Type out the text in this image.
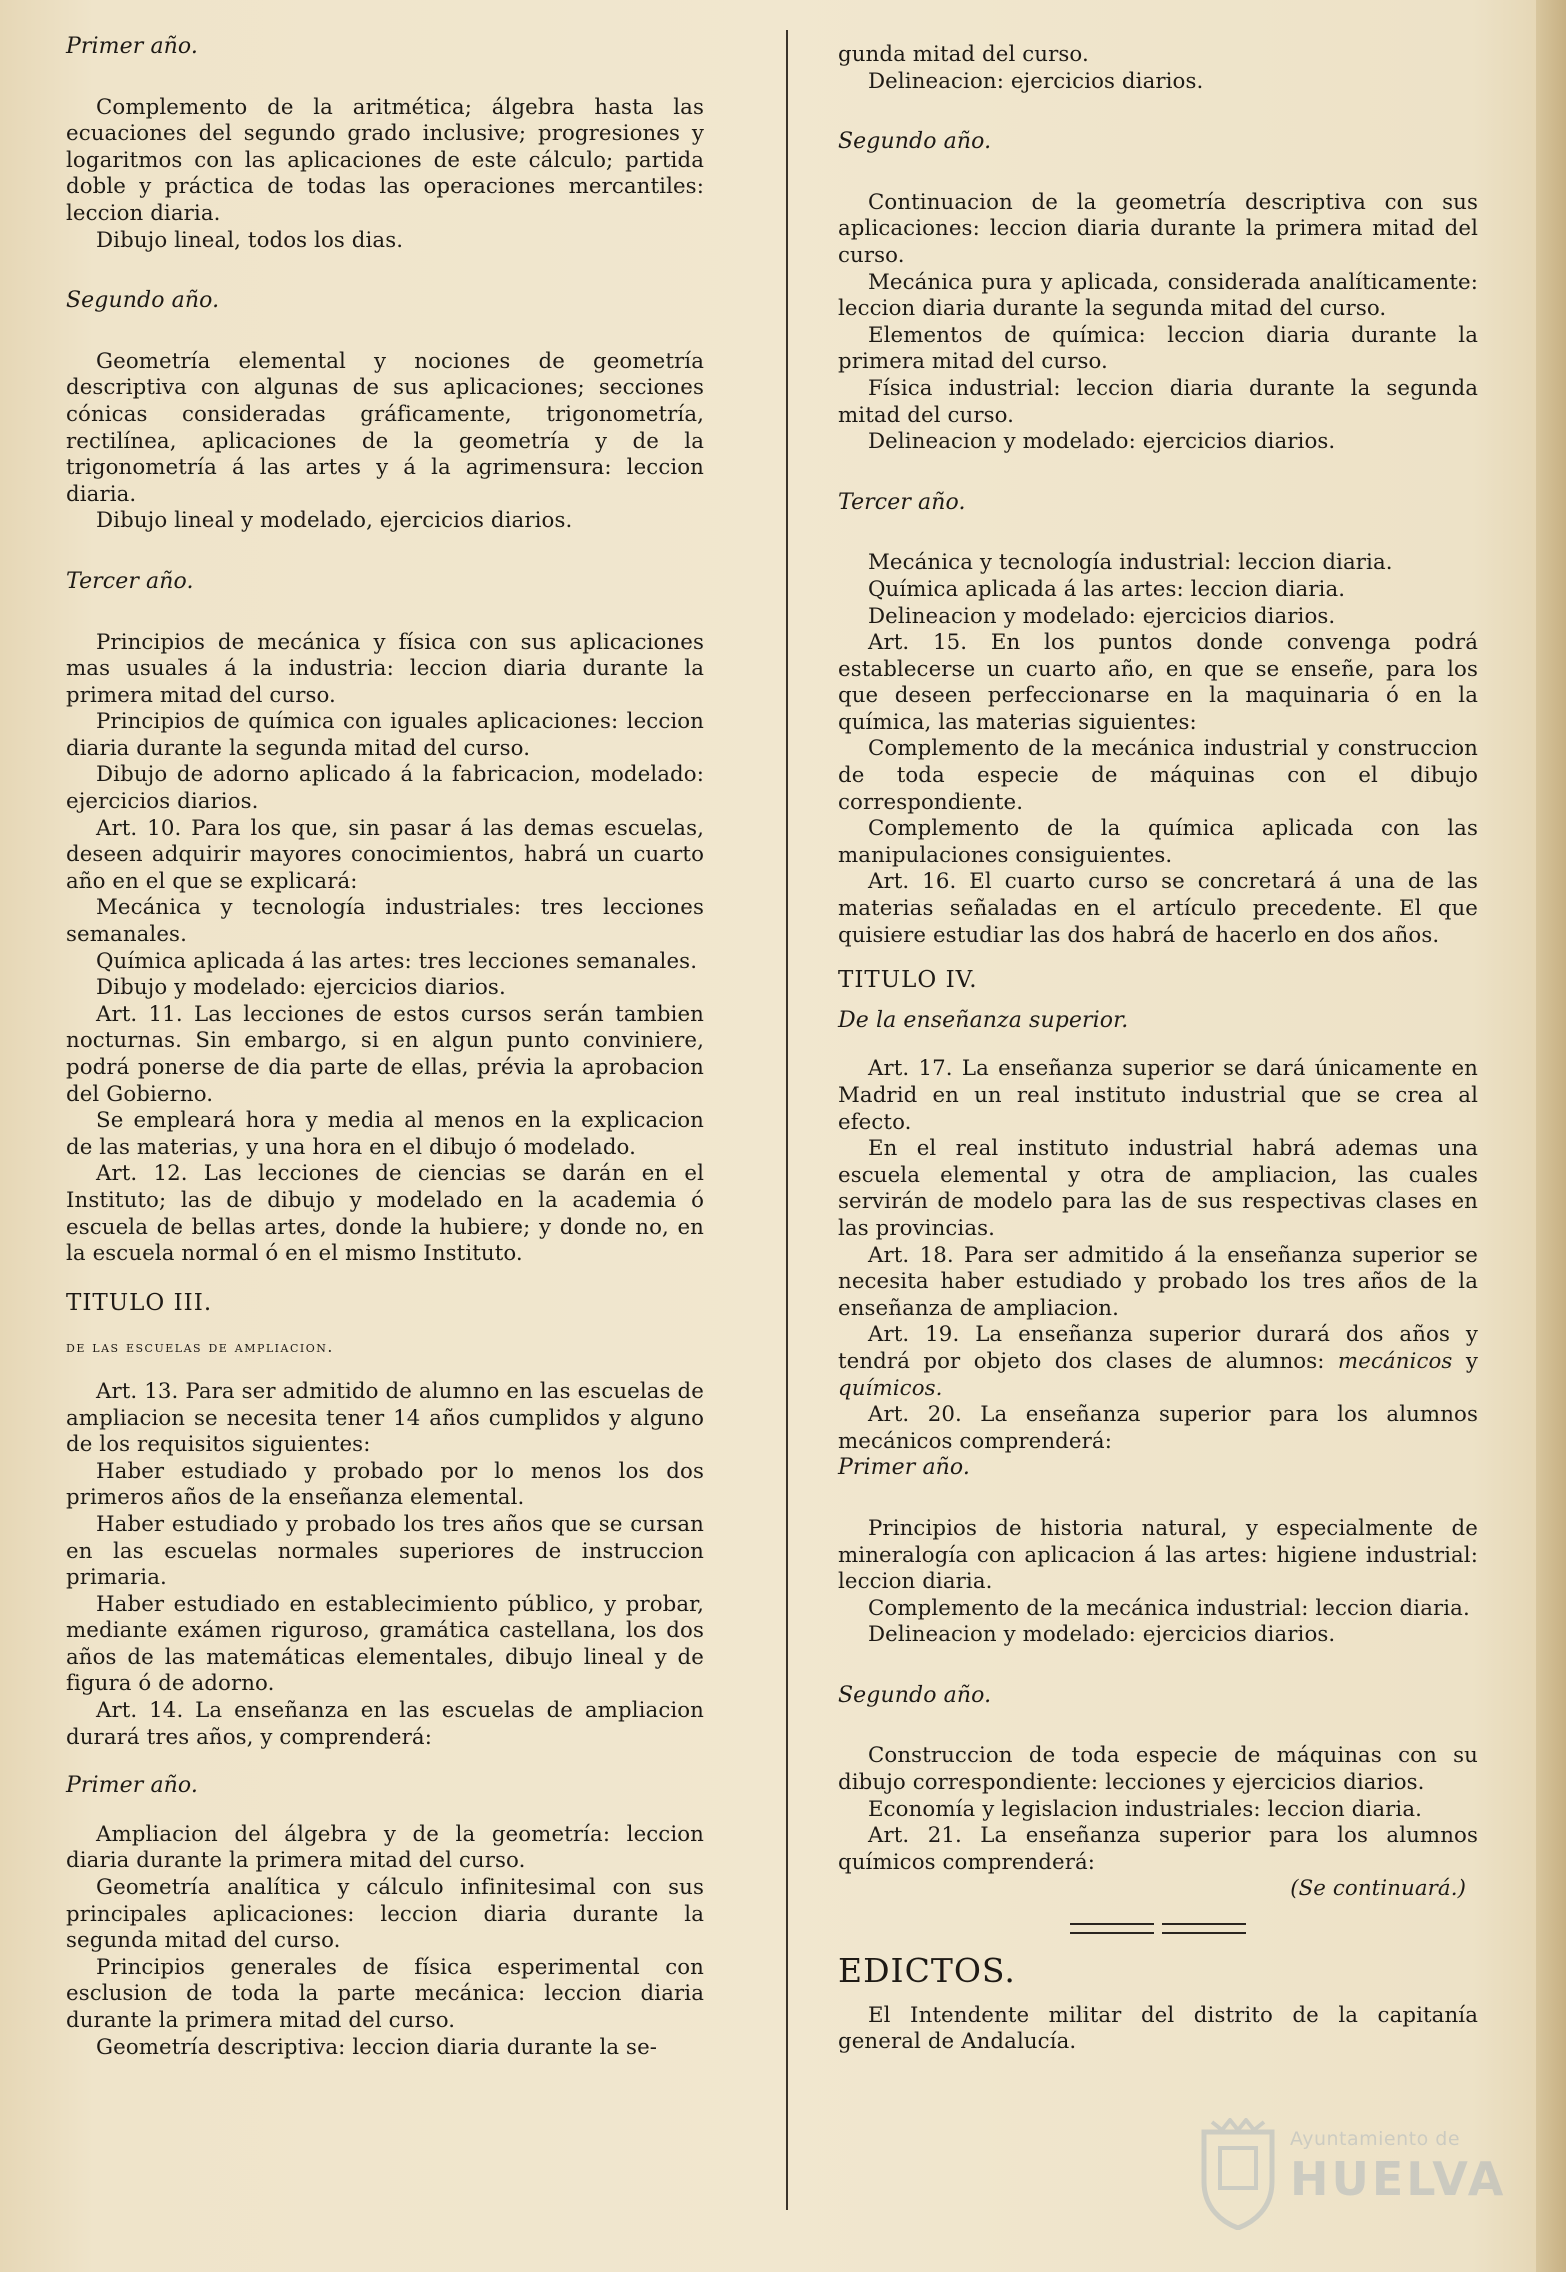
Primer año.

Complemento de la aritmética; álgebra hasta las ecuaciones del segundo grado inclusive; progresiones y logaritmos con las aplicaciones de este cálculo; partida doble y práctica de todas las operaciones mercantiles: leccion diaria.

Dibujo lineal, todos los dias.

Segundo año.

Geometría elemental y nociones de geometría descriptiva con algunas de sus aplicaciones; secciones cónicas consideradas gráficamente, trigonometría, rectilínea, aplicaciones de la geometría y de la trigonometría á las artes y á la agrimensura: leccion diaria.

Dibujo lineal y modelado, ejercicios diarios.

Tercer año.

Principios de mecánica y física con sus aplicaciones mas usuales á la industria: leccion diaria durante la primera mitad del curso.

Principios de química con iguales aplicaciones: leccion diaria durante la segunda mitad del curso.

Dibujo de adorno aplicado á la fabricacion, modelado: ejercicios diarios.

Art. 10. Para los que, sin pasar á las demas escuelas, deseen adquirir mayores conocimientos, habrá un cuarto año en el que se explicará:

Mecánica y tecnología industriales: tres lecciones semanales.

Química aplicada á las artes: tres lecciones semanales.

Dibujo y modelado: ejercicios diarios.

Art. 11. Las lecciones de estos cursos serán tambien nocturnas. Sin embargo, si en algun punto conviniere, podrá ponerse de dia parte de ellas, prévia la aprobacion del Gobierno.

Se empleará hora y media al menos en la explicacion de las materias, y una hora en el dibujo ó modelado.

Art. 12. Las lecciones de ciencias se darán en el Instituto; las de dibujo y modelado en la academia ó escuela de bellas artes, donde la hubiere; y donde no, en la escuela normal ó en el mismo Instituto.

TITULO III.

de las escuelas de ampliacion.

Art. 13. Para ser admitido de alumno en las escuelas de ampliacion se necesita tener 14 años cumplidos y alguno de los requisitos siguientes:

Haber estudiado y probado por lo menos los dos primeros años de la enseñanza elemental.

Haber estudiado y probado los tres años que se cursan en las escuelas normales superiores de instruccion primaria.

Haber estudiado en establecimiento público, y probar, mediante exámen riguroso, gramática castellana, los dos años de las matemáticas elementales, dibujo lineal y de figura ó de adorno.

Art. 14. La enseñanza en las escuelas de ampliacion durará tres años, y comprenderá:

Primer año.

Ampliacion del álgebra y de la geometría: leccion diaria durante la primera mitad del curso.

Geometría analítica y cálculo infinitesimal con sus principales aplicaciones: leccion diaria durante la segunda mitad del curso.

Principios generales de física esperimental con esclusion de toda la parte mecánica: leccion diaria durante la primera mitad del curso.

Geometría descriptiva: leccion diaria durante la se-

gunda mitad del curso.

Delineacion: ejercicios diarios.

Segundo año.

Continuacion de la geometría descriptiva con sus aplicaciones: leccion diaria durante la primera mitad del curso.

Mecánica pura y aplicada, considerada analíticamente: leccion diaria durante la segunda mitad del curso.

Elementos de química: leccion diaria durante la primera mitad del curso.

Física industrial: leccion diaria durante la segunda mitad del curso.

Delineacion y modelado: ejercicios diarios.

Tercer año.

Mecánica y tecnología industrial: leccion diaria.

Química aplicada á las artes: leccion diaria.

Delineacion y modelado: ejercicios diarios.

Art. 15. En los puntos donde convenga podrá establecerse un cuarto año, en que se enseñe, para los que deseen perfeccionarse en la maquinaria ó en la química, las materias siguientes:

Complemento de la mecánica industrial y construccion de toda especie de máquinas con el dibujo correspondiente.

Complemento de la química aplicada con las manipulaciones consiguientes.

Art. 16. El cuarto curso se concretará á una de las materias señaladas en el artículo precedente. El que quisiere estudiar las dos habrá de hacerlo en dos años.

TITULO IV.

De la enseñanza superior.

Art. 17. La enseñanza superior se dará únicamente en Madrid en un real instituto industrial que se crea al efecto.

En el real instituto industrial habrá ademas una escuela elemental y otra de ampliacion, las cuales servirán de modelo para las de sus respectivas clases en las provincias.

Art. 18. Para ser admitido á la enseñanza superior se necesita haber estudiado y probado los tres años de la enseñanza de ampliacion.

Art. 19. La enseñanza superior durará dos años y tendrá por objeto dos clases de alumnos: mecánicos y químicos.

Art. 20. La enseñanza superior para los alumnos mecánicos comprenderá:

Primer año.

Principios de historia natural, y especialmente de mineralogía con aplicacion á las artes: higiene industrial: leccion diaria.

Complemento de la mecánica industrial: leccion diaria.

Delineacion y modelado: ejercicios diarios.

Segundo año.

Construccion de toda especie de máquinas con su dibujo correspondiente: lecciones y ejercicios diarios.

Economía y legislacion industriales: leccion diaria.

Art. 21. La enseñanza superior para los alumnos químicos comprenderá:

(Se continuará.)

EDICTOS.

El Intendente militar del distrito de la capitanía general de Andalucía.

Ayuntamiento de
HUELVA
